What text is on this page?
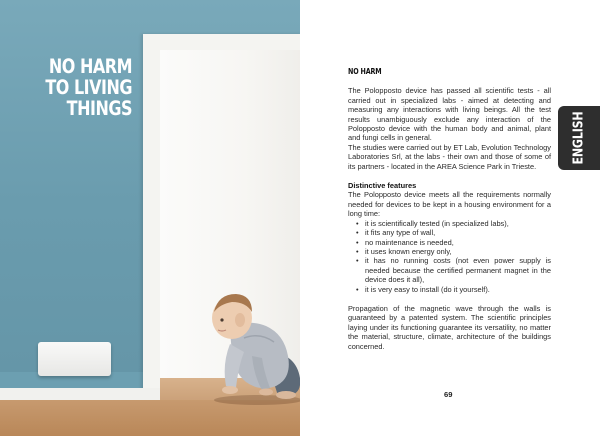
NO HARM
TO LIVING
THINGS
NO HARM

The Polopposto device has passed all scientific tests - all carried out in specialized labs - aimed at detecting and measuring any interactions with living beings. All the test results unambiguously exclude any interaction of the Polopposto device with the human body and animal, plant and fungi cells in general.

The studies were carried out by ET Lab, Evolution Technology Laboratories Srl, at the labs - their own and those of some of its partners - located in the AREA Science Park in Trieste.

Distinctive features

The Polopposto device meets all the requirements normally needed for devices to be kept in a housing environment for a long time:

• it is scientifically tested (in specialized labs),
• it fits any type of wall,
• no maintenance is needed,
• it uses known energy only,
• it has no running costs (not even power supply is needed because the certified permanent magnet in the device does it all),
• it is very easy to install (do it yourself).

Propagation of the magnetic wave through the walls is guaranteed by a patented system. The scientific principles laying under its functioning guarantee its versatility, no matter the material, structure, climate, architecture of the buildings concerned.

69
ENGLISH
